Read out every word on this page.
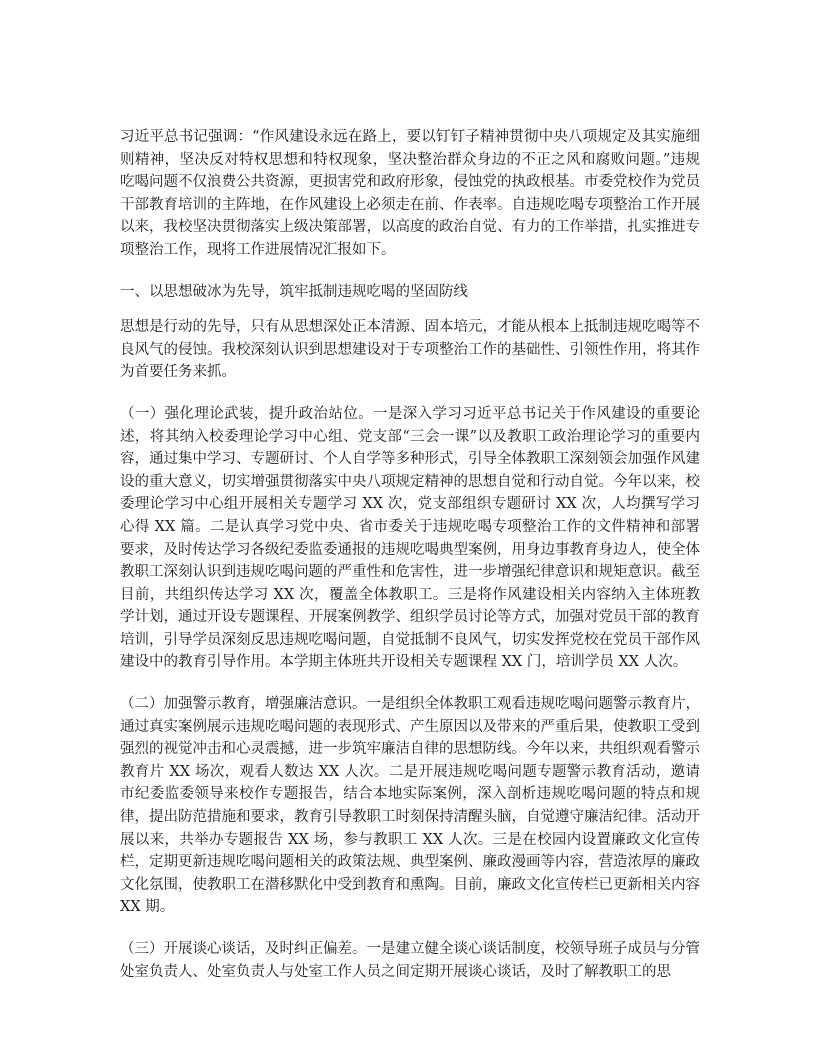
习近平总书记强调：“作风建设永远在路上，要以钉钉子精神贯彻中央八项规定及其实施细则精神，坚决反对特权思想和特权现象，坚决整治群众身边的不正之风和腐败问题。”违规吃喝问题不仅浪费公共资源，更损害党和政府形象，侵蚀党的执政根基。市委党校作为党员干部教育培训的主阵地，在作风建设上必须走在前、作表率。自违规吃喝专项整治工作开展以来，我校坚决贯彻落实上级决策部署，以高度的政治自觉、有力的工作举措，扎实推进专项整治工作，现将工作进展情况汇报如下。

一、以思想破冰为先导，筑牢抵制违规吃喝的坚固防线

思想是行动的先导，只有从思想深处正本清源、固本培元，才能从根本上抵制违规吃喝等不良风气的侵蚀。我校深刻认识到思想建设对于专项整治工作的基础性、引领性作用，将其作为首要任务来抓。

（一）强化理论武装，提升政治站位。一是深入学习习近平总书记关于作风建设的重要论述，将其纳入校委理论学习中心组、党支部“三会一课”以及教职工政治理论学习的重要内容，通过集中学习、专题研讨、个人自学等多种形式，引导全体教职工深刻领会加强作风建设的重大意义，切实增强贯彻落实中央八项规定精神的思想自觉和行动自觉。今年以来，校委理论学习中心组开展相关专题学习 XX 次，党支部组织专题研讨 XX 次，人均撰写学习心得 XX 篇。二是认真学习党中央、省市委关于违规吃喝专项整治工作的文件精神和部署要求，及时传达学习各级纪委监委通报的违规吃喝典型案例，用身边事教育身边人，使全体教职工深刻认识到违规吃喝问题的严重性和危害性，进一步增强纪律意识和规矩意识。截至目前，共组织传达学习 XX 次，覆盖全体教职工。三是将作风建设相关内容纳入主体班教学计划，通过开设专题课程、开展案例教学、组织学员讨论等方式，加强对党员干部的教育培训，引导学员深刻反思违规吃喝问题，自觉抵制不良风气，切实发挥党校在党员干部作风建设中的教育引导作用。本学期主体班共开设相关专题课程 XX 门，培训学员 XX 人次。

（二）加强警示教育，增强廉洁意识。一是组织全体教职工观看违规吃喝问题警示教育片，通过真实案例展示违规吃喝问题的表现形式、产生原因以及带来的严重后果，使教职工受到强烈的视觉冲击和心灵震撼，进一步筑牢廉洁自律的思想防线。今年以来，共组织观看警示教育片 XX 场次，观看人数达 XX 人次。二是开展违规吃喝问题专题警示教育活动，邀请市纪委监委领导来校作专题报告，结合本地实际案例，深入剖析违规吃喝问题的特点和规律，提出防范措施和要求，教育引导教职工时刻保持清醒头脑，自觉遵守廉洁纪律。活动开展以来，共举办专题报告 XX 场，参与教职工 XX 人次。三是在校园内设置廉政文化宣传栏，定期更新违规吃喝问题相关的政策法规、典型案例、廉政漫画等内容，营造浓厚的廉政文化氛围，使教职工在潜移默化中受到教育和熏陶。目前，廉政文化宣传栏已更新相关内容 XX 期。

（三）开展谈心谈话，及时纠正偏差。一是建立健全谈心谈话制度，校领导班子成员与分管处室负责人、处室负责人与处室工作人员之间定期开展谈心谈话，及时了解教职工的思
